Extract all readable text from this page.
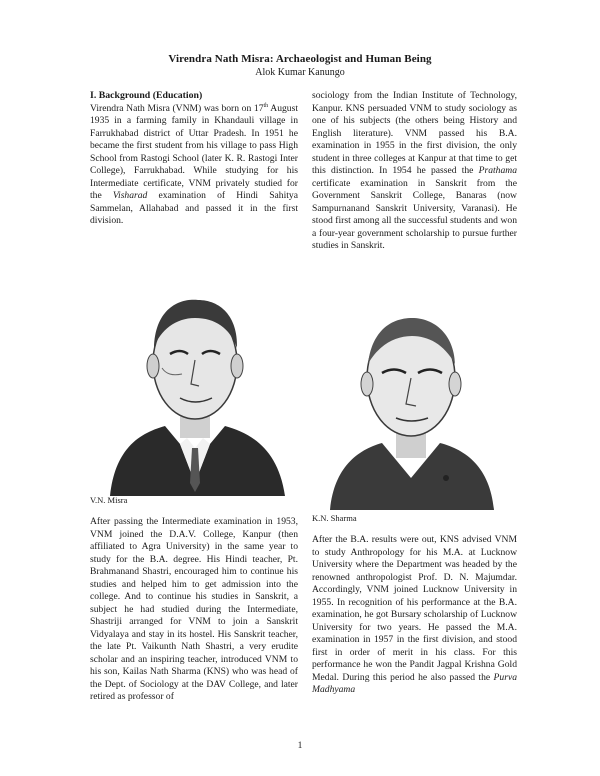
Virendra Nath Misra: Archaeologist and Human Being
Alok Kumar Kanungo
I. Background (Education)

Virendra Nath Misra (VNM) was born on 17th August 1935 in a farming family in Khandauli village in Farrukhabad district of Uttar Pradesh. In 1951 he became the first student from his village to pass High School from Rastogi School (later K. R. Rastogi Inter College), Farrukhabad. While studying for his Intermediate certificate, VNM privately studied for the Visharad examination of Hindi Sahitya Sammelan, Allahabad and passed it in the first division.

sociology from the Indian Institute of Technology, Kanpur. KNS persuaded VNM to study sociology as one of his subjects (the others being History and English literature). VNM passed his B.A. examination in 1955 in the first division, the only student in three colleges at Kanpur at that time to get this distinction. In 1954 he passed the Prathama certificate examination in Sanskrit from the Government Sanskrit College, Banaras (now Sampurnanand Sanskrit University, Varanasi). He stood first among all the successful students and won a four-year government scholarship to pursue further studies in Sanskrit.

V.N. Misra
K.N. Sharma

After passing the Intermediate examination in 1953, VNM joined the D.A.V. College, Kanpur (then affiliated to Agra University) in the same year to study for the B.A. degree. His Hindi teacher, Pt. Brahmanand Shastri, encouraged him to continue his studies and helped him to get admission into the college. And to continue his studies in Sanskrit, a subject he had studied during the Intermediate, Shastriji arranged for VNM to join a Sanskrit Vidyalaya and stay in its hostel. His Sanskrit teacher, the late Pt. Vaikunth Nath Shastri, a very erudite scholar and an inspiring teacher, introduced VNM to his son, Kailas Nath Sharma (KNS) who was head of the Dept. of Sociology at the DAV College, and later retired as professor of

After the B.A. results were out, KNS advised VNM to study Anthropology for his M.A. at Lucknow University where the Department was headed by the renowned anthropologist Prof. D. N. Majumdar. Accordingly, VNM joined Lucknow University in 1955. In recognition of his performance at the B.A. examination, he got Bursary scholarship of Lucknow University for two years. He passed the M.A. examination in 1957 in the first division, and stood first in order of merit in his class. For this performance he won the Pandit Jagpal Krishna Gold Medal. During this period he also passed the Purva Madhyama

1
